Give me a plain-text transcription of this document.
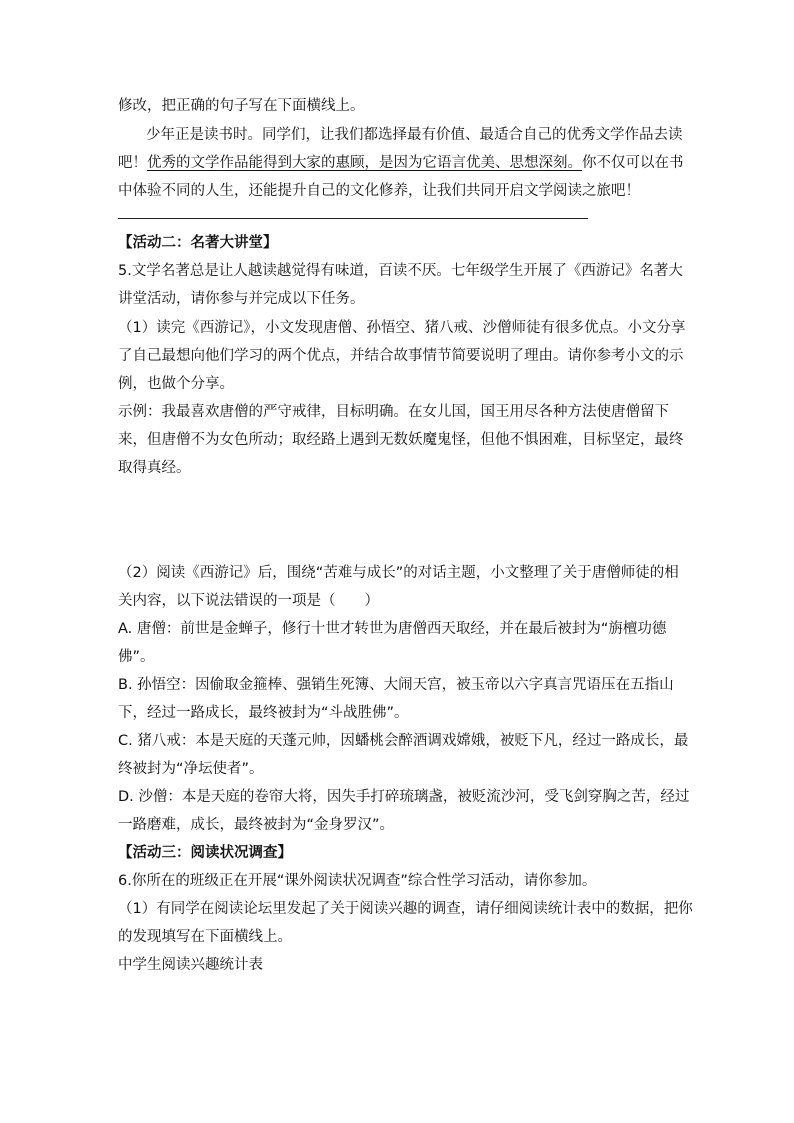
修改，把正确的句子写在下面横线上。
少年正是读书时。同学们，让我们都选择最有价值、最适合自己的优秀文学作品去读
吧！优秀的文学作品能得到大家的惠顾，是因为它语言优美、思想深刻。你不仅可以在书
中体验不同的人生，还能提升自己的文化修养，让我们共同开启文学阅读之旅吧！
【活动二：名著大讲堂】
5.文学名著总是让人越读越觉得有味道，百读不厌。七年级学生开展了《西游记》名著大
讲堂活动，请你参与并完成以下任务。
（1）读完《西游记》，小文发现唐僧、孙悟空、猪八戒、沙僧师徒有很多优点。小文分享
了自己最想向他们学习的两个优点，并结合故事情节简要说明了理由。请你参考小文的示
例，也做个分享。
示例：我最喜欢唐僧的严守戒律，目标明确。在女儿国，国王用尽各种方法使唐僧留下
来，但唐僧不为女色所动；取经路上遇到无数妖魔鬼怪，但他不惧困难，目标坚定，最终
取得真经。
（2）阅读《西游记》后，围绕“苦难与成长”的对话主题，小文整理了关于唐僧师徒的相
关内容，以下说法错误的一项是（　　）
A. 唐僧：前世是金蝉子，修行十世才转世为唐僧西天取经，并在最后被封为“旃檀功德
佛”。
B. 孙悟空：因偷取金箍棒、强销生死簿、大闹天宫，被玉帝以六字真言咒语压在五指山
下，经过一路成长，最终被封为“斗战胜佛”。
C. 猪八戒：本是天庭的天蓬元帅，因蟠桃会醉酒调戏嫦娥，被贬下凡，经过一路成长，最
终被封为“净坛使者”。
D. 沙僧：本是天庭的卷帘大将，因失手打碎琉璃盏，被贬流沙河，受飞剑穿胸之苦，经过
一路磨难，成长，最终被封为“金身罗汉”。
【活动三：阅读状况调查】
6.你所在的班级正在开展“课外阅读状况调查”综合性学习活动，请你参加。
（1）有同学在阅读论坛里发起了关于阅读兴趣的调查，请仔细阅读统计表中的数据，把你
的发现填写在下面横线上。
中学生阅读兴趣统计表
